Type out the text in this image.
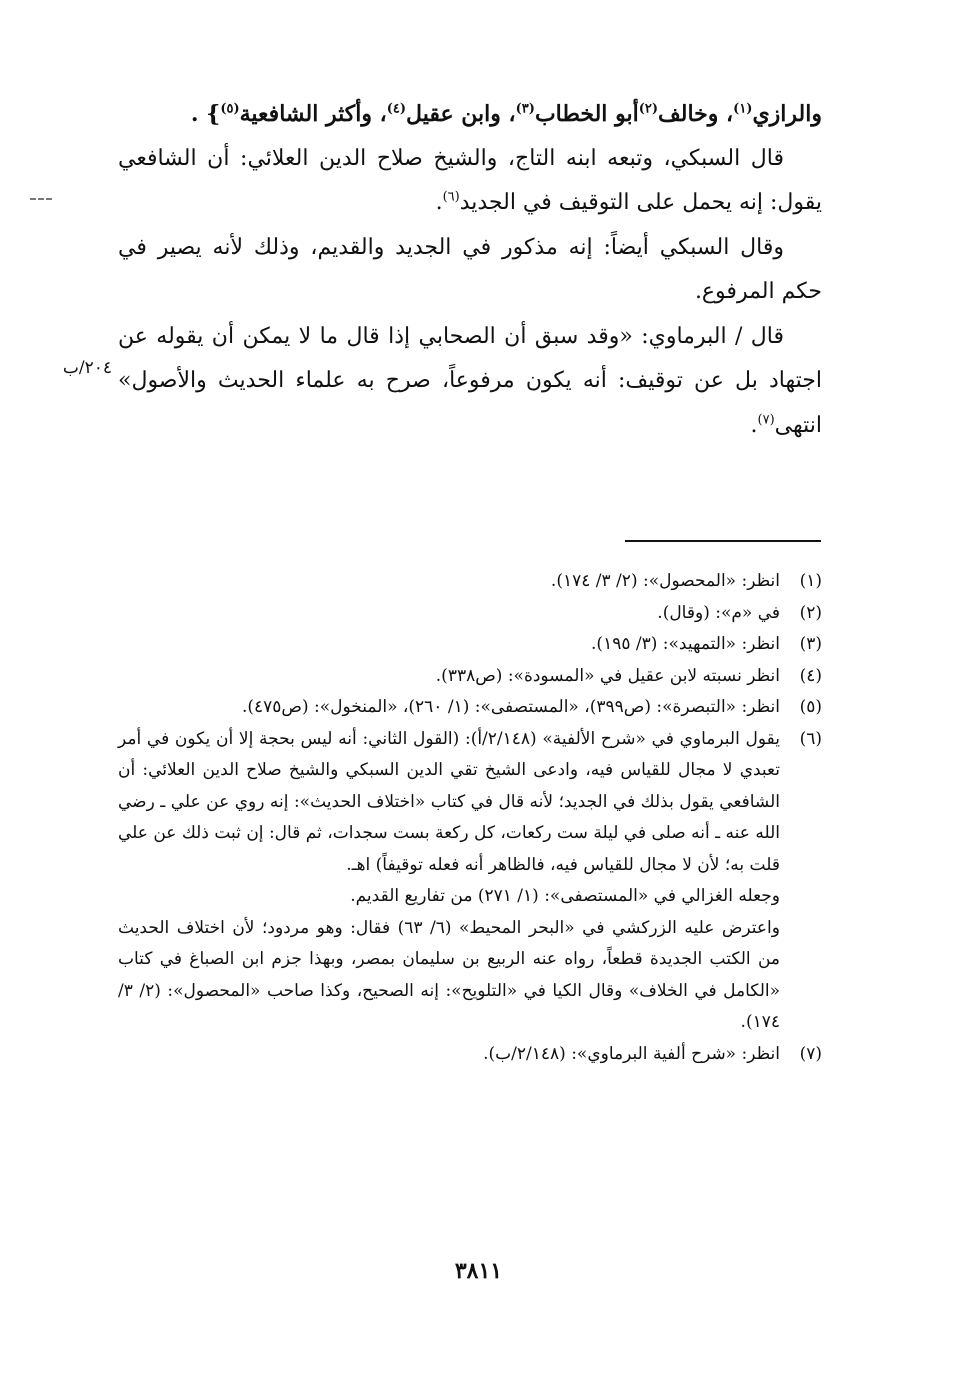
٢٠٤/ب

والرازي$^{(١)}$، وخالف$^{(٢)}$أبو الخطاب$^{(٣)}$، وابن عقيل$^{(٤)}$، وأكثر الشافعية$^{(٥)}$} .

قال السبكي، وتبعه ابنه التاج، والشيخ صلاح الدين العلائي: أن الشافعي يقول: إنه يحمل على التوقيف في الجديد$^{(٦)}$.

وقال السبكي أيضاً: إنه مذكور في الجديد والقديم، وذلك لأنه يصير في حكم المرفوع.

قال / البرماوي: «وقد سبق أن الصحابي إذا قال ما لا يمكن أن يقوله عن اجتهاد بل عن توقيف: أنه يكون مرفوعاً، صرح به علماء الحديث والأصول» انتهى$^{(٧)}$.

(١)
انظر: «المحصول»: (٢/ ٣/ ١٧٤).
(٢)
في «م»: (وقال).
(٣)
انظر: «التمهيد»: (٣/ ١٩٥).
(٤)
انظر نسبته لابن عقيل في «المسودة»: (ص٣٣٨).
(٥)
انظر: «التبصرة»: (ص٣٩٩)، «المستصفى»: (١/ ٢٦٠)، «المنخول»: (ص٤٧٥).
(٦)

يقول البرماوي في «شرح الألفية» (٢/١٤٨/أ): (القول الثاني: أنه ليس بحجة إلا أن يكون في أمر تعبدي لا مجال للقياس فيه، وادعى الشيخ تقي الدين السبكي والشيخ صلاح الدين العلائي: أن الشافعي يقول بذلك في الجديد؛ لأنه قال في كتاب «اختلاف الحديث»: إنه روي عن علي ـ رضي الله عنه ـ أنه صلى في ليلة ست ركعات، كل ركعة بست سجدات، ثم قال: إن ثبت ذلك عن علي قلت به؛ لأن لا مجال للقياس فيه، فالظاهر أنه فعله توقيفاً) اهـ.

وجعله الغزالي في «المستصفى»: (١/ ٢٧١) من تفاريع القديم.

واعترض عليه الزركشي في «البحر المحيط» (٦/ ٦٣) فقال: وهو مردود؛ لأن اختلاف الحديث من الكتب الجديدة قطعاً، رواه عنه الربيع بن سليمان بمصر، وبهذا جزم ابن الصباغ في كتاب «الكامل في الخلاف» وقال الكيا في «التلويح»: إنه الصحيح، وكذا صاحب «المحصول»: (٢/ ٣/ ١٧٤).

(٧)
انظر: «شرح ألفية البرماوي»: (٢/١٤٨/ب).
٣٨١١
